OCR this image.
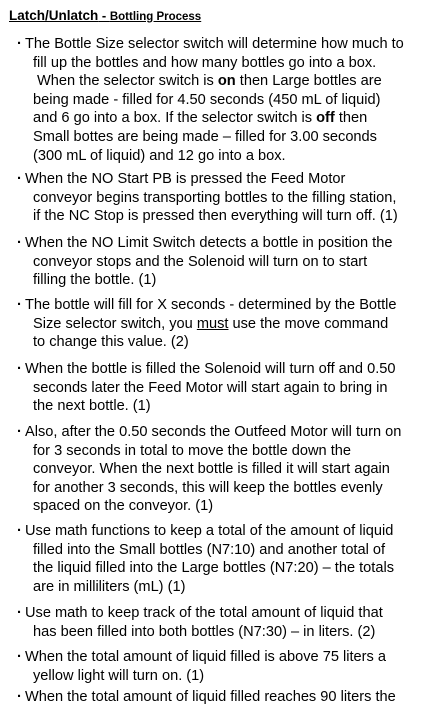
Latch/Unlatch - Bottling Process
· The Bottle Size selector switch will determine how much to
fill up the bottles and how many bottles go into a box.
When the selector switch is on then Large bottles are
being made - filled for 4.50 seconds (450 mL of liquid)
and 6 go into a box. If the selector switch is off then
Small bottes are being made – filled for 3.00 seconds
(300 mL of liquid) and 12 go into a box.
· When the NO Start PB is pressed the Feed Motor
conveyor begins transporting bottles to the filling station,
if the NC Stop is pressed then everything will turn off. (1)
· When the NO Limit Switch detects a bottle in position the
conveyor stops and the Solenoid will turn on to start
filling the bottle. (1)
· The bottle will fill for X seconds - determined by the Bottle
Size selector switch, you must use the move command
to change this value. (2)
· When the bottle is filled the Solenoid will turn off and 0.50
seconds later the Feed Motor will start again to bring in
the next bottle. (1)
· Also, after the 0.50 seconds the Outfeed Motor will turn on
for 3 seconds in total to move the bottle down the
conveyor. When the next bottle is filled it will start again
for another 3 seconds, this will keep the bottles evenly
spaced on the conveyor. (1)
· Use math functions to keep a total of the amount of liquid
filled into the Small bottles (N7:10) and another total of
the liquid filled into the Large bottles (N7:20) – the totals
are in milliliters (mL) (1)
· Use math to keep track of the total amount of liquid that
has been filled into both bottles (N7:30) – in liters. (2)
· When the total amount of liquid filled is above 75 liters a
yellow light will turn on. (1)
· When the total amount of liquid filled reaches 90 liters the
